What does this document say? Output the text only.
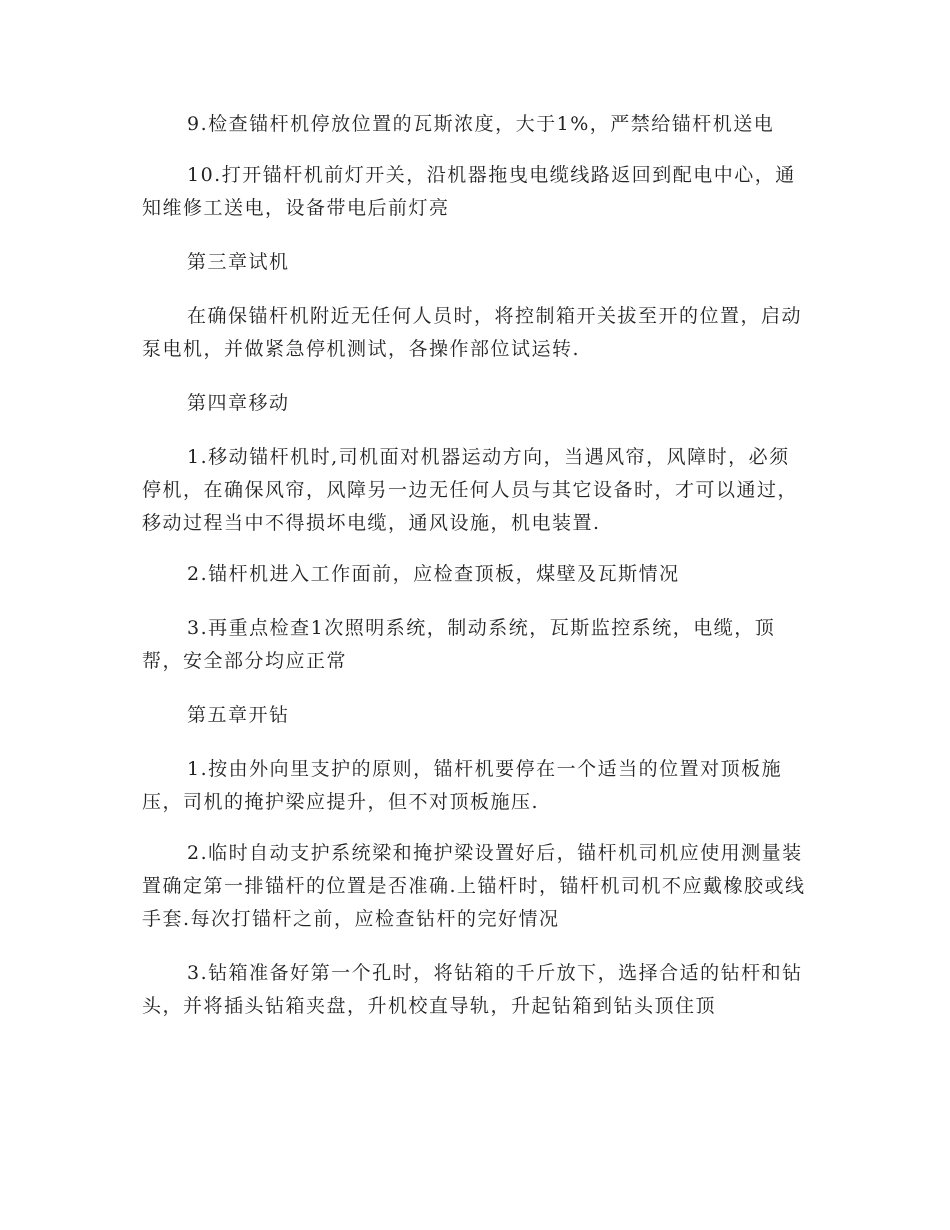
9.检查锚杆机停放位置的瓦斯浓度，大于1%，严禁给锚杆机送电

10.打开锚杆机前灯开关，沿机器拖曳电缆线路返回到配电中心，通知维修工送电，设备带电后前灯亮

第三章试机

在确保锚杆机附近无任何人员时，将控制箱开关拔至开的位置，启动泵电机，并做紧急停机测试，各操作部位试运转.

第四章移动

1.移动锚杆机时,司机面对机器运动方向，当遇风帘，风障时，必须停机，在确保风帘，风障另一边无任何人员与其它设备时，才可以通过，移动过程当中不得损坏电缆，通风设施，机电装置.

2.锚杆机进入工作面前，应检查顶板，煤壁及瓦斯情况

3.再重点检查1次照明系统，制动系统，瓦斯监控系统，电缆，顶帮，安全部分均应正常

第五章开钻

1.按由外向里支护的原则，锚杆机要停在一个适当的位置对顶板施压，司机的掩护梁应提升，但不对顶板施压.

2.临时自动支护系统梁和掩护梁设置好后，锚杆机司机应使用测量装置确定第一排锚杆的位置是否准确.上锚杆时，锚杆机司机不应戴橡胶或线手套.每次打锚杆之前，应检查钻杆的完好情况

3.钻箱准备好第一个孔时，将钻箱的千斤放下，选择合适的钻杆和钻头，并将插头钻箱夹盘，升机校直导轨，升起钻箱到钻头顶住顶
